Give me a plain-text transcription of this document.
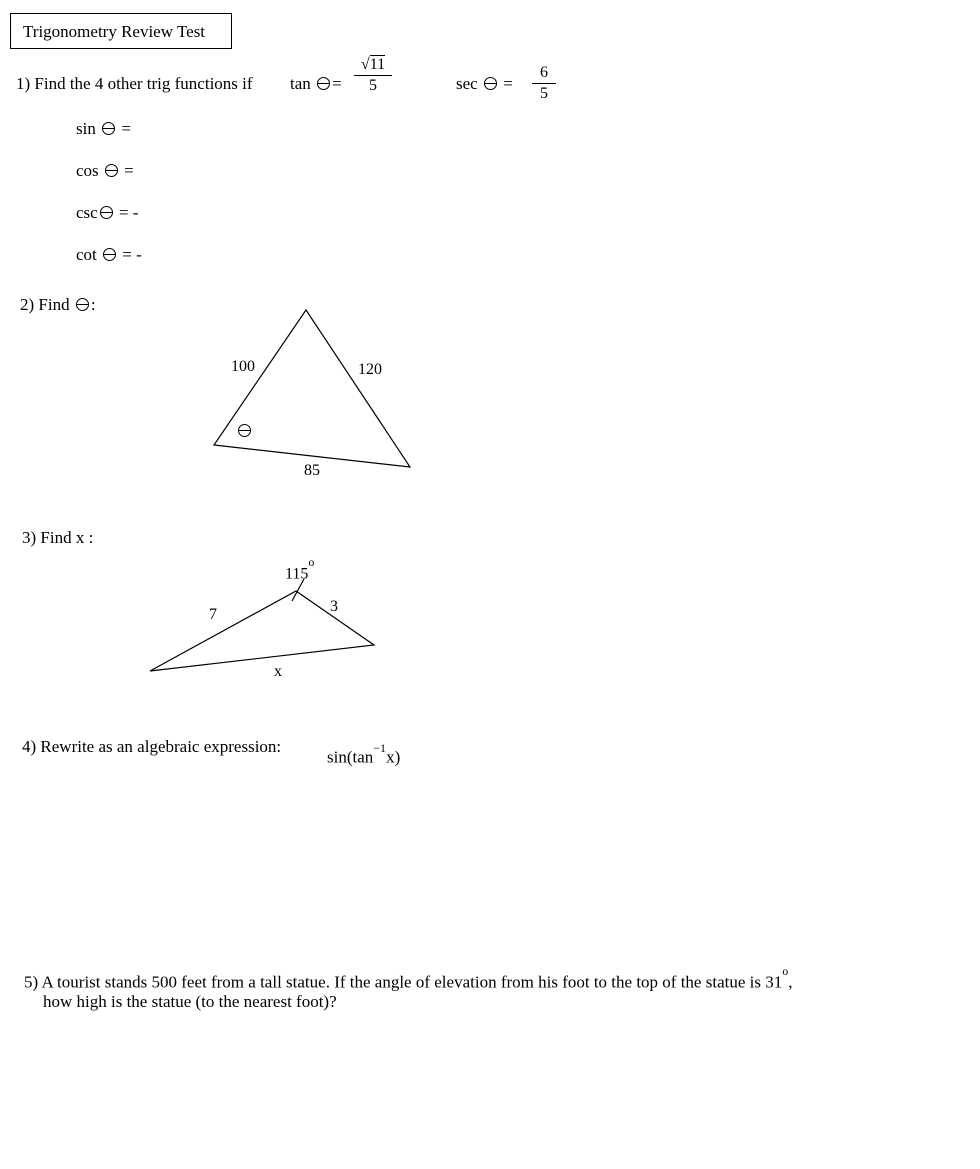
Trigonometry Review Test
1) Find the 4 other trig functions if tan =
√11
5	sec  =
6
5
sin =
cos =
csc = -
cot = -
2) Find :
100	120
85
3) Find x :
115$^o$
7	3
x
4) Rewrite as an algebraic expression:
$\sin(\tan^{-1}x)$
5) A tourist stands 500 feet from a tall statue. If the angle of elevation from his foot to the top of the statue is 31$^o$,
how high is the statue (to the nearest foot)?
